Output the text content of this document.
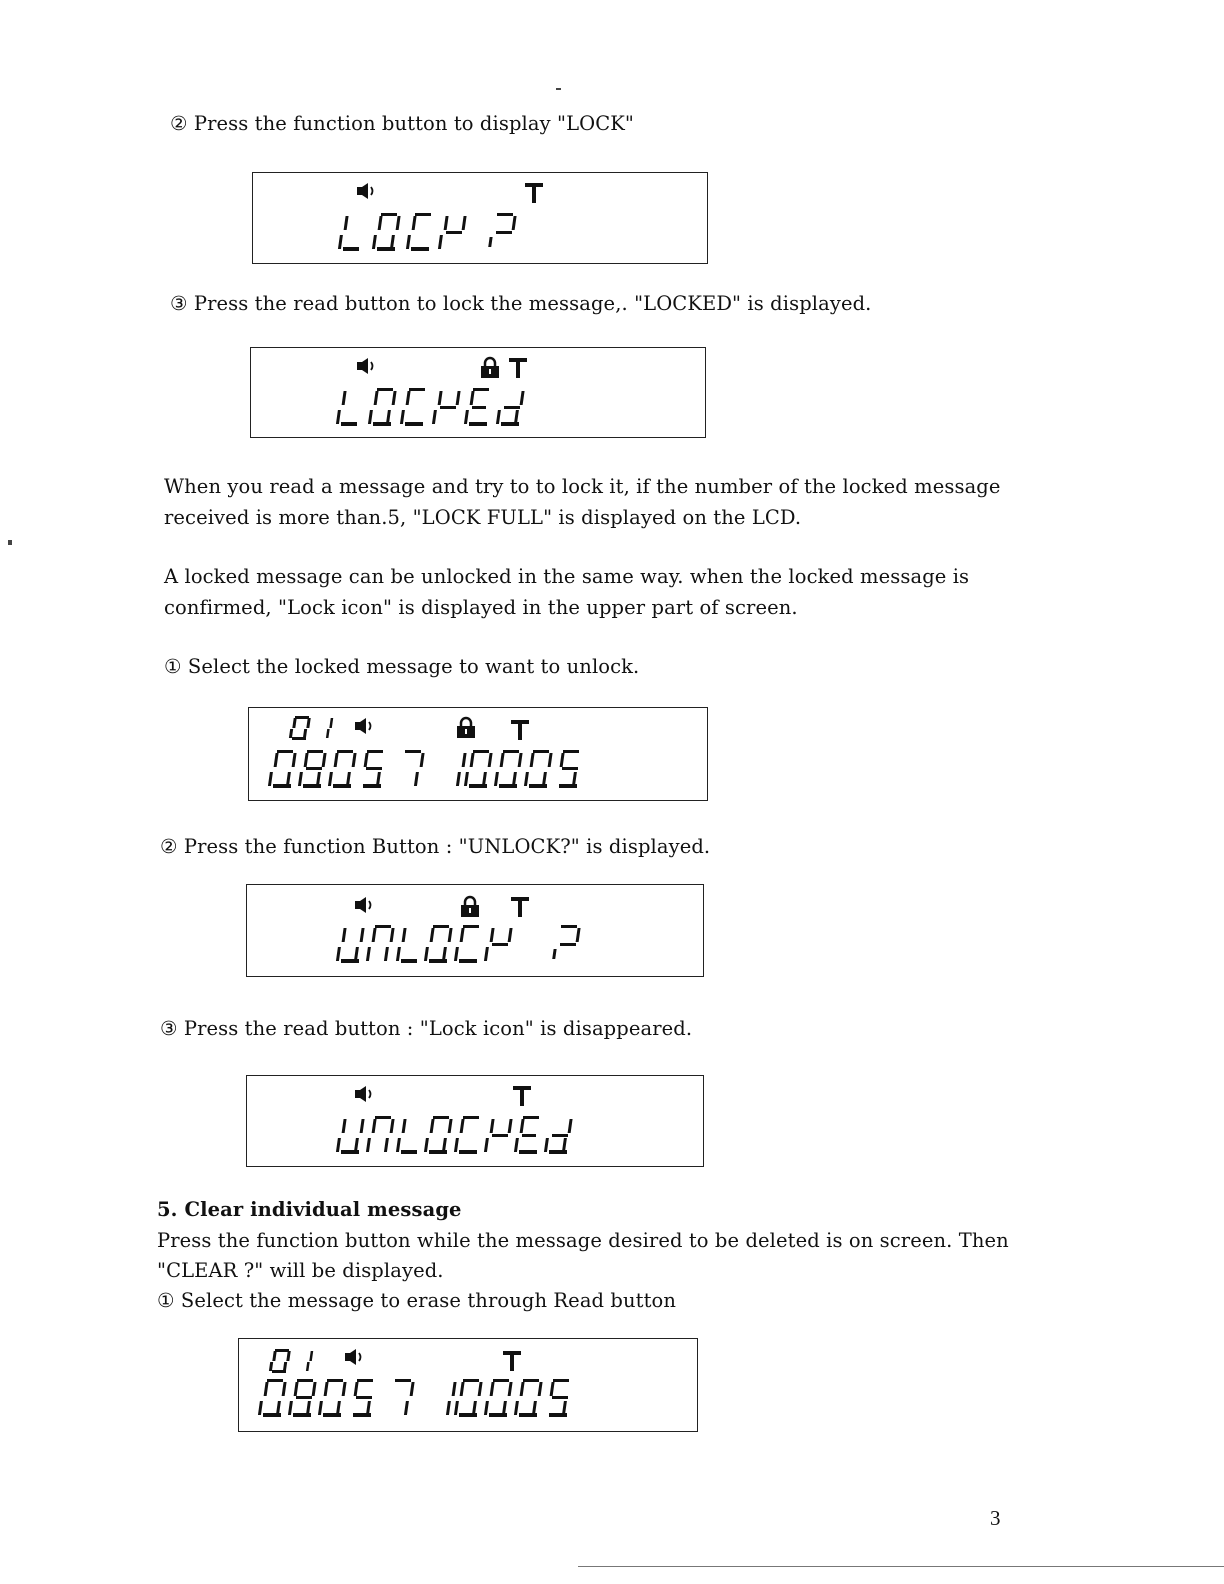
② Press the function button to display "LOCK"
③ Press the read button to lock the message,. "LOCKED" is displayed.
When you read a message and try to to lock it, if the number of the locked message
received is more than.5, "LOCK FULL" is displayed on the LCD.
A locked message can be unlocked in the same way. when the locked message is
confirmed, "Lock icon" is displayed in the upper part of screen.
① Select the locked message to want to unlock.
② Press the function Button : "UNLOCK?" is displayed.
③ Press the read button : "Lock icon" is disappeared.
5. Clear individual message
Press the function button while the message desired to be deleted is on screen. Then
"CLEAR ?" will be displayed.
① Select the message to erase through Read button
3
